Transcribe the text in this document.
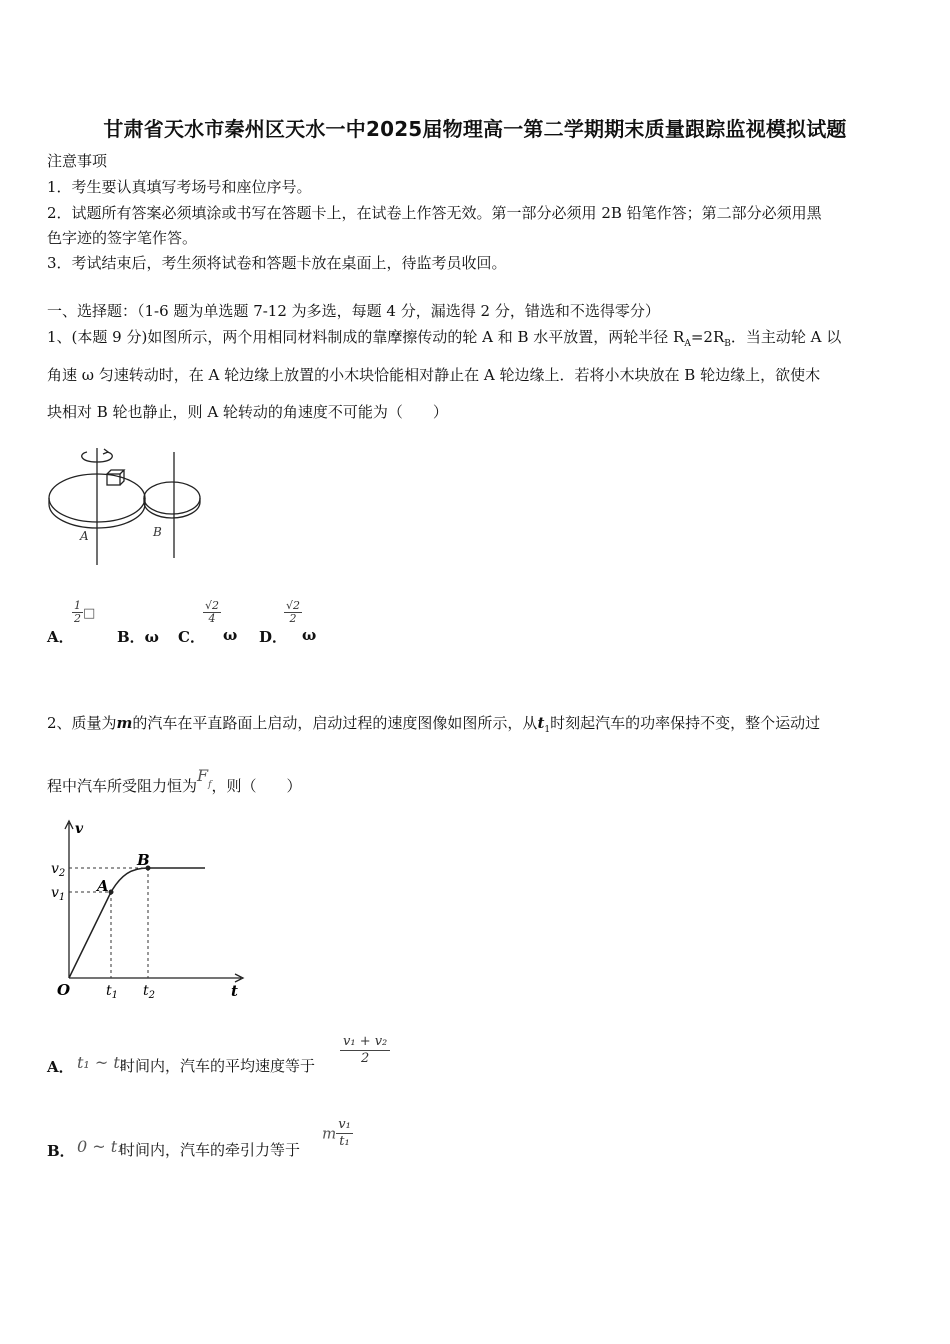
甘肃省天水市秦州区天水一中2025届物理高一第二学期期末质量跟踪监视模拟试题
注意事项
1．考生要认真填写考场号和座位序号。
2．试题所有答案必须填涂或书写在答题卡上，在试卷上作答无效。第一部分必须用 2B 铅笔作答；第二部分必须用黑
色字迹的签字笔作答。
3．考试结束后，考生须将试卷和答题卡放在桌面上，待监考员收回。
一、选择题：（1-6 题为单选题 7-12 为多选，每题 4 分，漏选得 2 分，错选和不选得零分）
1、(本题 9 分)如图所示，两个用相同材料制成的靠摩擦传动的轮 A 和 B 水平放置，两轮半径 $R_A=2R_B$．当主动轮 A 以
角速 ω 匀速转动时，在 A 轮边缘上放置的小木块恰能相对静止在 A 轮边缘上．若将小木块放在 B 轮边缘上，欲使木
块相对 B 轮也静止，则 A 轮转动的角速度不可能为（　　）
A	B
A．
$\frac{1}{2}$ □
B．ω C．
$\frac{√2}{4}$
ω D．
$\frac{√2}{2}$
ω
2、质量为m的汽车在平直路面上启动，启动过程的速度图像如图所示，从$t_1$时刻起汽车的功率保持不变，整个运动过
程中汽车所受阻力恒为$F_f$，则（　　）
v
t
O
$v_2$
$v_1$
$t_1$ $t_2$
A
B
A． t₁ ~ t₂
时间内，汽车的平均速度等于 $\frac{\text{v₁ + v₂}}{2}$
B． 0 ~ t₁
时间内，汽车的牵引力等于
m $\frac{\text{v₁}}{\text{t₁}}$
